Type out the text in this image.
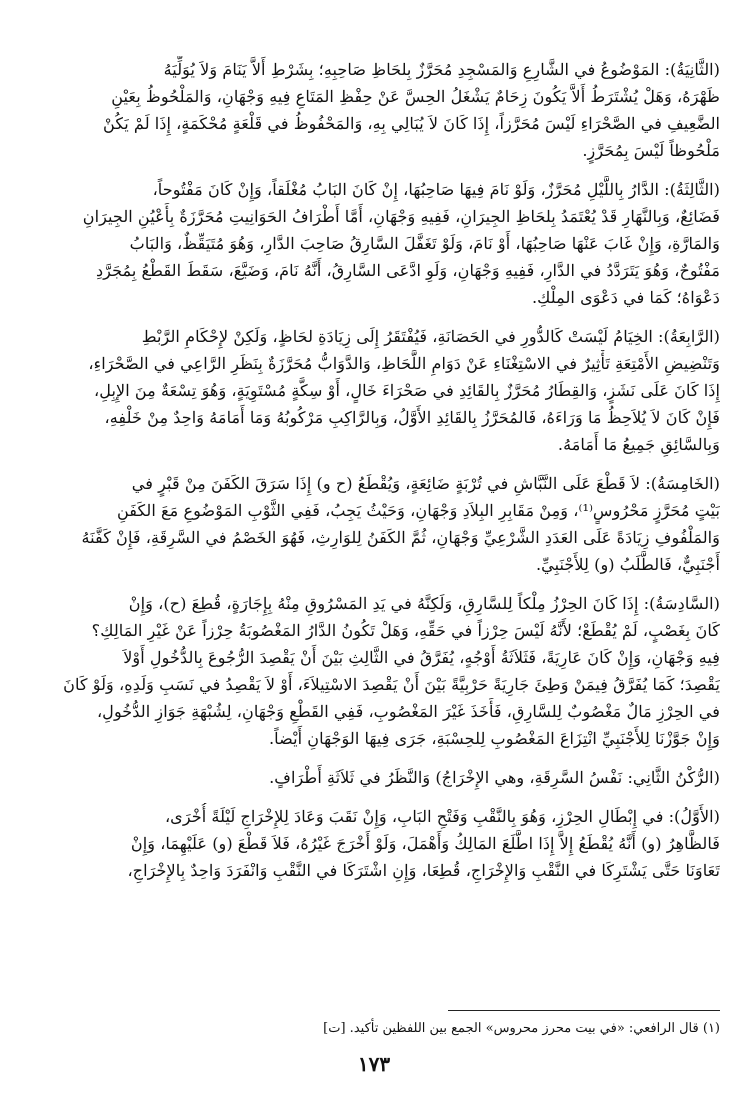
(الثَّانِيَةُ): المَوْضُوعُ في الشَّارِعِ وَالمَسْجِدِ مُحَرَّزٌ بِلحَاظِ صَاحِبِهِ؛ بِشَرْطِ أَلاَّ يَنَامَ وَلاَ يُوَلِّيَهُ
ظَهْرَهُ، وَهَلْ يُشْتَرَطُ أَلاَّ يَكُونَ زِحَامٌ يَشْغَلُ الحِسَّ عَنْ حِفْظِ المَتَاعِ فِيهِ وَجْهَانِ، وَالمَلْحُوظُ بِعَيْنِ
الضَّعِيفِ في الصَّحْرَاءِ لَيْسَ مُحَرَّزاً، إِذَا كَانَ لاَ يُبَالِي بِهِ، وَالمَحْفُوظُ في قَلْعَةٍ مُحْكَمَةٍ، إِذَا لَمْ يَكُنْ
مَلْحُوظاً لَيْسَ بِمُحَرَّزٍ.
(الثَّالِثَةُ): الدَّارُ بِاللَّيْلِ مُحَرَّزٌ، وَلَوْ نَامَ فِيهَا صَاحِبُهَا، إِنْ كَانَ البَابُ مُغْلَقاً، وَإِنْ كَانَ مَفْتُوحاً،
فَضَائِعٌ، وَبِالنَّهَارِ قَدْ يُعْتَمَدُ بِلحَاظِ الجِيرَانِ، فَفِيهِ وَجْهَانِ، أَمَّا أَطْرَافُ الحَوَانِيتِ مُحَرَّزَةٌ بِأَعْيُنِ الجِيرَانِ
وَالمَارَّةِ، وَإِنْ غَابَ عَنْهَا صَاحِبُهَا، أَوْ نَامَ، وَلَوْ تَغَفَّلَ السَّارِقُ صَاحِبَ الدَّارِ، وَهُوَ مُتَيَقِّظٌ، وَالبَابُ
مَفْتُوحٌ، وَهُوَ يَتَرَدَّدُ في الدَّارِ، فَفِيهِ وَجْهَانِ، وَلَوِ ادَّعَى السَّارِقُ، أَنَّهُ نَامَ، وَضَيَّعَ، سَقَطَ القَطْعُ بِمُجَرَّدِ
دَعْوَاهُ؛ كَمَا في دَعْوَى المِلْكِ.
(الرَّابِعَةُ): الخِيَامُ لَيْسَتْ كَالدُّورِ في الحَصَانَةِ، فَيُفْتَقَرُ إِلَى زِيَادَةِ لحَاظٍ، وَلَكِنْ لإِحْكَامِ الرَّبْطِ
وَتَنْضِيضِ الأَمْتِعَةِ تَأْثِيرٌ في الاسْتِغْنَاءِ عَنْ دَوَامِ اللَّحَاظِ، وَالدَّوَابُّ مُحَرَّزَةٌ بِنَظَرِ الرَّاعِي في الصَّحْرَاءِ،
إِذَا كَانَ عَلَى نَشَزٍ، وَالقِطَارُ مُحَرَّزٌ بِالقَائِدِ في صَحْرَاءَ خَالٍ، أَوْ سِكَّةٍ مُسْتَوِيَةٍ، وَهُوَ تِسْعَةٌ مِنَ الإِبِلِ،
فَإِنْ كَانَ لاَ يُلاَحِظُ مَا وَرَاءَهُ، فَالمُحَرَّزُ بِالقَائِدِ الأَوَّلُ، وَبِالرَّاكِبِ مَرْكُوبُهُ وَمَا أَمَامَهُ وَاحِدٌ مِنْ خَلْفِهِ،
وَبِالسَّائِقِ جَمِيعُ مَا أَمَامَهُ.
(الخَامِسَةُ): لاَ قَطْعَ عَلَى النَّبَّاشِ في تُرْبَةٍ ضَائِعَةٍ، وَيُقْطَعُ (ح و) إِذَا سَرَقَ الكَفَنَ مِنْ قَبْرٍ في
بَيْتٍ مُحَرَّزٍ مَحْرُوسٍ⁽¹⁾، وَمِنْ مَقَابِرِ البِلاَدِ وَجْهَانِ، وَحَيْثُ يَجِبُ، فَفِي الثَّوْبِ المَوْضُوعِ مَعَ الكَفَنِ
وَالمَلْفُوفِ زِيَادَةً عَلَى العَدَدِ الشَّرْعِيِّ وَجْهَانِ، ثُمَّ الكَفَنُ لِلوَارِثِ، فَهُوَ الخَصْمُ في السَّرِقَةِ، فَإِنْ كَفَّنَهُ
أَجْنَبِيٌّ، فَالطَّلَبُ (و) لِلأَجْنَبِيِّ.
(السَّادِسَةُ): إِذَا كَانَ الحِرْزُ مِلْكاً لِلسَّارِقِ، وَلَكِنَّهُ في يَدِ المَسْرُوقِ مِنْهُ بِإِجَارَةٍ، قُطِعَ (ح)، وَإِنْ
كَانَ بِغَصْبٍ، لَمْ يُقْطَعْ؛ لأَنَّهُ لَيْسَ حِرْزاً في حَقِّهِ، وَهَلْ تَكُونُ الدَّارُ المَغْصُوبَةُ حِرْزاً عَنْ غَيْرِ المَالِكِ؟
فِيهِ وَجْهَانِ، وَإِنْ كَانَ عَارِيَةً، فَثَلاَثَةُ أَوْجُهٍ، يُفَرَّقُ في الثَّالِثِ بَيْنَ أَنْ يَقْصِدَ الرُّجُوعَ بِالدُّخُولِ أَوْلاَ
يَقْصِدَ؛ كَمَا يُفَرَّقُ فِيمَنْ وَطِئَ جَارِيَةً حَرْبِيَّةً بَيْنَ أَنْ يَقْصِدَ الاسْتِيلاَءَ، أَوْ لاَ يَقْصِدُ في نَسَبِ وَلَدِهِ، وَلَوْ كَانَ
في الحِرْزِ مَالٌ مَغْصُوبٌ لِلسَّارِقِ، فَأَخَذَ غَيْرَ المَغْصُوبِ، فَفِي القَطْعِ وَجْهَانِ، لِشُبْهَةِ جَوَازِ الدُّخُولِ،
وَإِنْ جَوَّزْنَا لِلأَجْنَبِيِّ انْتِزَاعَ المَغْصُوبِ لِلحِسْبَةِ، جَرَى فِيهَا الوَجْهَانِ أَيْضاً.
(الرُّكْنُ الثَّانِي: نَفْسُ السَّرِقَةِ، وهي الإِخْرَاجُ) وَالنَّظَرُ في ثَلاَثَةِ أَطْرَافٍ.
(الأَوَّلُ): في إِبْطَالِ الحِرْزِ، وَهُوَ بِالنَّقْبِ وَفَتْحِ البَابِ، وَإِنْ نَقَبَ وَعَادَ لِلإِخْرَاجِ لَيْلَةً أُخْرَى،
فَالظَّاهِرُ (و) أَنَّهُ يُقْطَعُ إِلاَّ إِذَا اطَّلَعَ المَالِكُ وَأَهْمَلَ، وَلَوْ أَخْرَجَ غَيْرُهُ، فَلاَ قَطْعَ (و) عَلَيْهِمَا، وَإِنْ
تَعَاوَنَا حَتَّى يَشْتَرِكَا في النَّقْبِ وَالإِخْرَاجِ، قُطِعَا، وَإِنِ اشْتَرَكَا في النَّقْبِ وَانْفَرَدَ وَاحِدٌ بِالإِخْرَاجِ،
(١) قال الرافعي: «في بيت محرز محروس» الجمع بين اللفظين تأكيد. [ت]
١٧٣
